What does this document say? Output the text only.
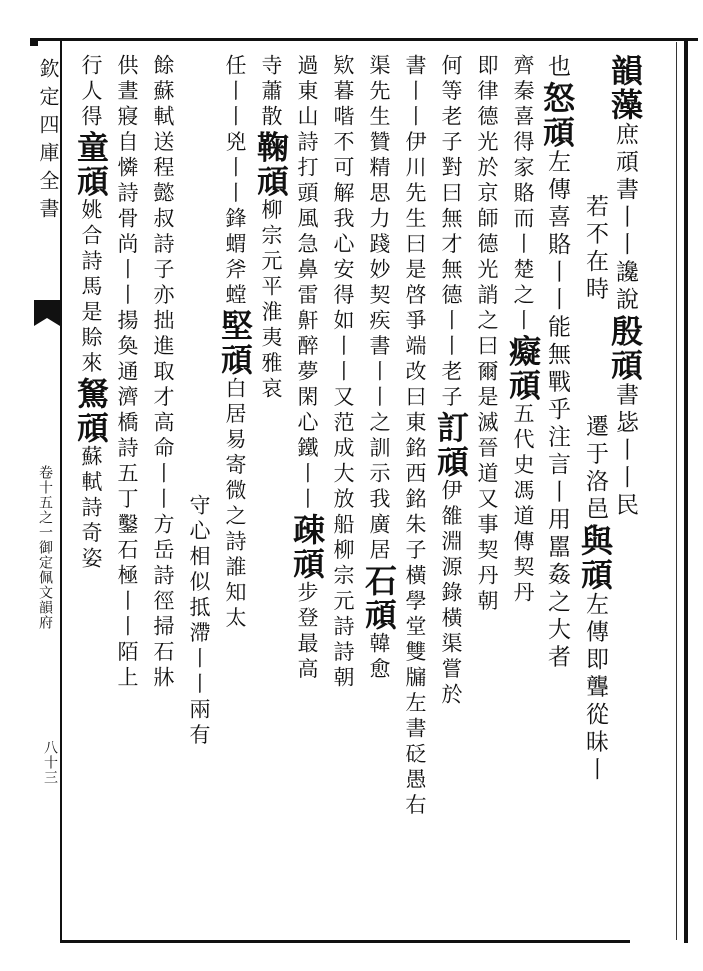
欽定四庫全書
御定佩文韻府
卷十五之一
八十三
韻藻庶頑書丨丨讒說殷頑書毖丨丨民
若不在時遷于洛邑與頑左傳即聾從昧丨
也怒頑左傳喜賂丨丨能無戰乎注言丨用嚚姦之大者
齊秦喜得家賂而丨楚之丨癡頑五代史馮道傳契丹
即律德光於京師德光誚之曰爾是滅晉道又事契丹朝
何等老子對曰無才無德丨丨老子訂頑伊雒淵源錄橫渠嘗於
書丨丨伊川先生曰是啓爭端改曰東銘西銘朱子橫學堂雙牖左書砭愚右
渠先生贊精思力踐妙契疾書丨丨之訓示我廣居石頑韓愈
欵暮喈不可解我心安得如丨丨又范成大放船柳宗元詩詩朝
過東山詩打頭風急鼻雷鼾醉夢閑心鐵丨丨疎頑步登最高
寺蕭散鞠頑柳宗元平淮夷雅哀
任丨丨兇丨丨鋒蝟斧螳堅頑白居易寄微之詩誰知太
守心相似抵滯丨丨兩有
餘蘇軾送程懿叔詩子亦拙進取才高命丨丨方岳詩徑掃石牀
供晝寢自憐詩骨尚丨丨揚奐通濟橋詩五丁鑿石極丨丨陌上
行人得童頑姚合詩馬是賒來駑頑蘇軾詩奇姿
